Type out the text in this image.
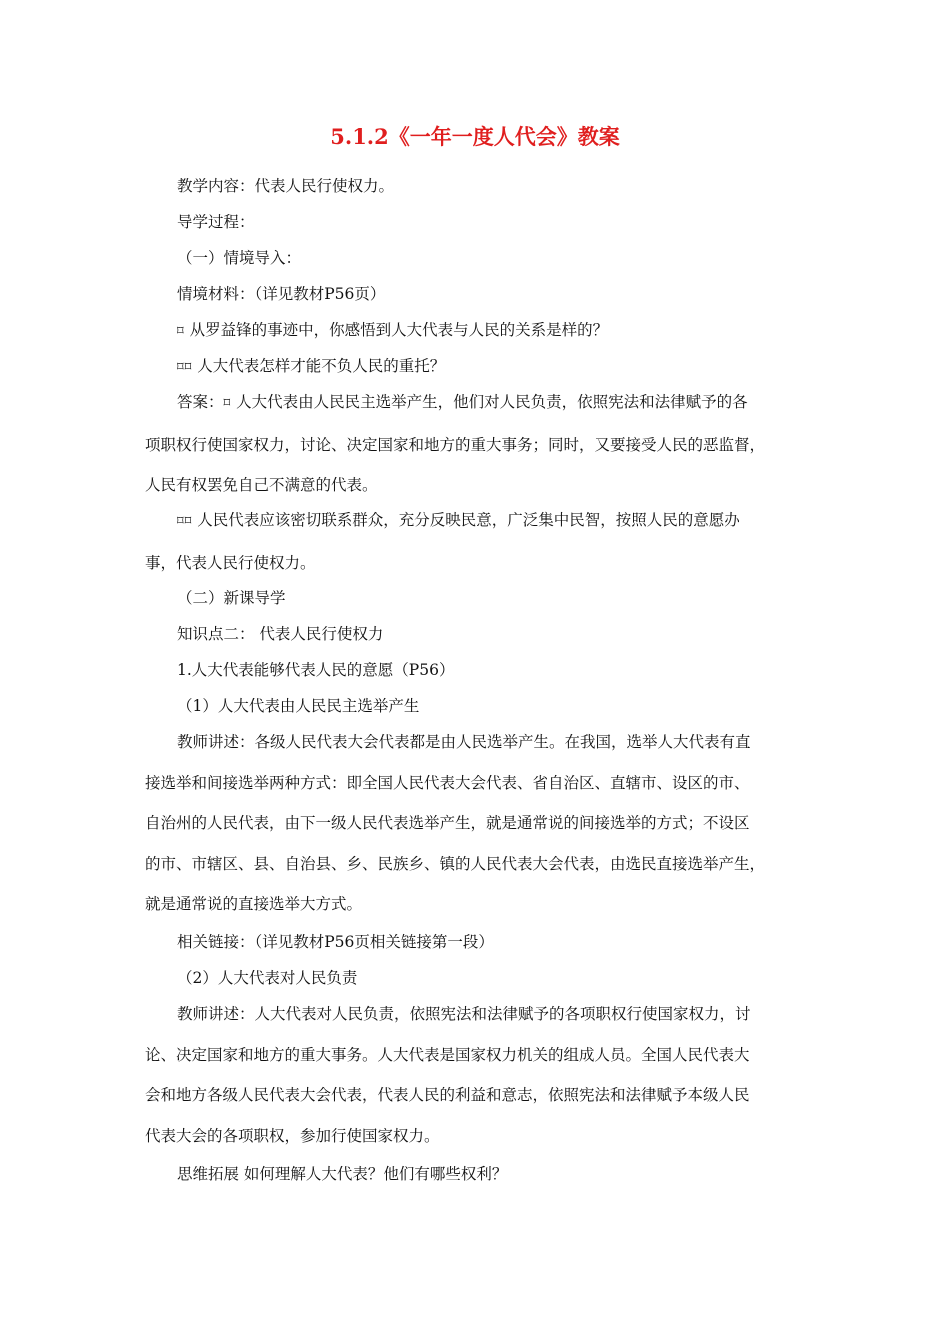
5.1.2《一年一度人代会》教案
教学内容：代表人民行使权力。
导学过程：
（一）情境导入：
情境材料：（详见教材P56页）
⌑ 从罗益锋的事迹中，你感悟到人大代表与人民的关系是样的？
⌑⌑ 人大代表怎样才能不负人民的重托？
答案：⌑ 人大代表由人民民主选举产生，他们对人民负责，依照宪法和法律赋予的各
项职权行使国家权力，讨论、决定国家和地方的重大事务；同时，又要接受人民的恶监督，
人民有权罢免自己不满意的代表。
⌑⌑ 人民代表应该密切联系群众，充分反映民意，广泛集中民智，按照人民的意愿办
事，代表人民行使权力。
（二）新课导学
知识点二： 代表人民行使权力
1.人大代表能够代表人民的意愿（P56）
（1）人大代表由人民民主选举产生
教师讲述：各级人民代表大会代表都是由人民选举产生。在我国，选举人大代表有直
接选举和间接选举两种方式：即全国人民代表大会代表、省自治区、直辖市、设区的市、
自治州的人民代表，由下一级人民代表选举产生，就是通常说的间接选举的方式；不设区
的市、市辖区、县、自治县、乡、民族乡、镇的人民代表大会代表，由选民直接选举产生，
就是通常说的直接选举大方式。
相关链接：（详见教材P56页相关链接第一段）
（2）人大代表对人民负责
教师讲述：人大代表对人民负责，依照宪法和法律赋予的各项职权行使国家权力，讨
论、决定国家和地方的重大事务。人大代表是国家权力机关的组成人员。全国人民代表大
会和地方各级人民代表大会代表，代表人民的利益和意志，依照宪法和法律赋予本级人民
代表大会的各项职权，参加行使国家权力。
思维拓展 如何理解人大代表？他们有哪些权利？
